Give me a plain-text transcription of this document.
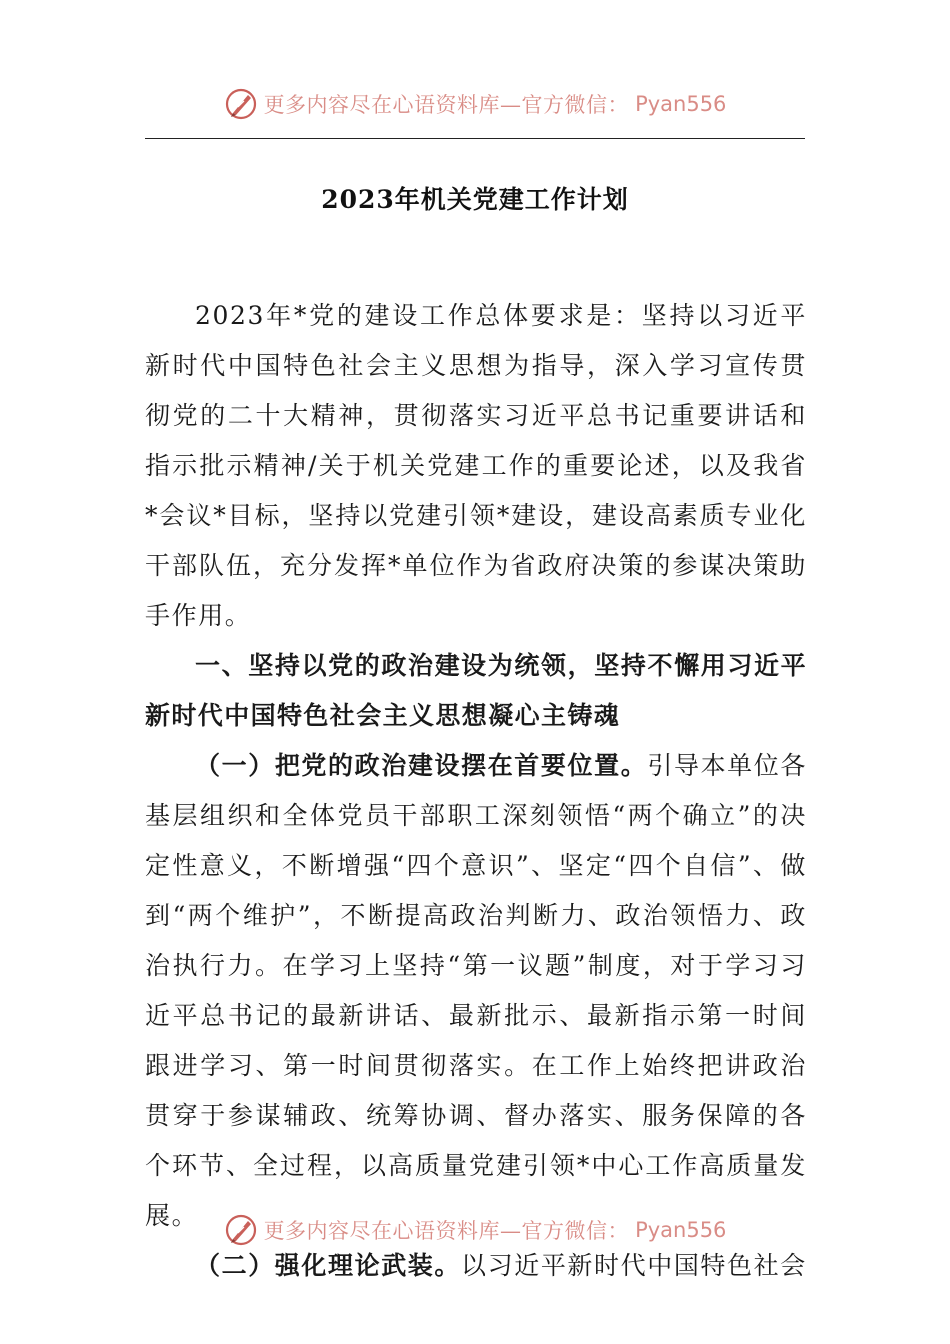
更多内容尽在心语资料库—官方微信： Pyan556
2023年机关党建工作计划

2023年*党的建设工作总体要求是：坚持以习近平新时代中国特色社会主义思想为指导，深入学习宣传贯彻党的二十大精神，贯彻落实习近平总书记重要讲话和指示批示精神/关于机关党建工作的重要论述，以及我省*会议*目标，坚持以党建引领*建设，建设高素质专业化干部队伍，充分发挥*单位作为省政府决策的参谋决策助手作用。

一、坚持以党的政治建设为统领，坚持不懈用习近平新时代中国特色社会主义思想凝心主铸魂

（一）把党的政治建设摆在首要位置。引导本单位各基层组织和全体党员干部职工深刻领悟“两个确立”的决定性意义，不断增强“四个意识”、坚定“四个自信”、做到“两个维护”，不断提高政治判断力、政治领悟力、政治执行力。在学习上坚持“第一议题”制度，对于学习习近平总书记的最新讲话、最新批示、最新指示第一时间跟进学习、第一时间贯彻落实。在工作上始终把讲政治贯穿于参谋辅政、统筹协调、督办落实、服务保障的各个环节、全过程，以高质量党建引领*中心工作高质量发展。

（二）强化理论武装。以习近平新时代中国特色社会

更多内容尽在心语资料库—官方微信： Pyan556
